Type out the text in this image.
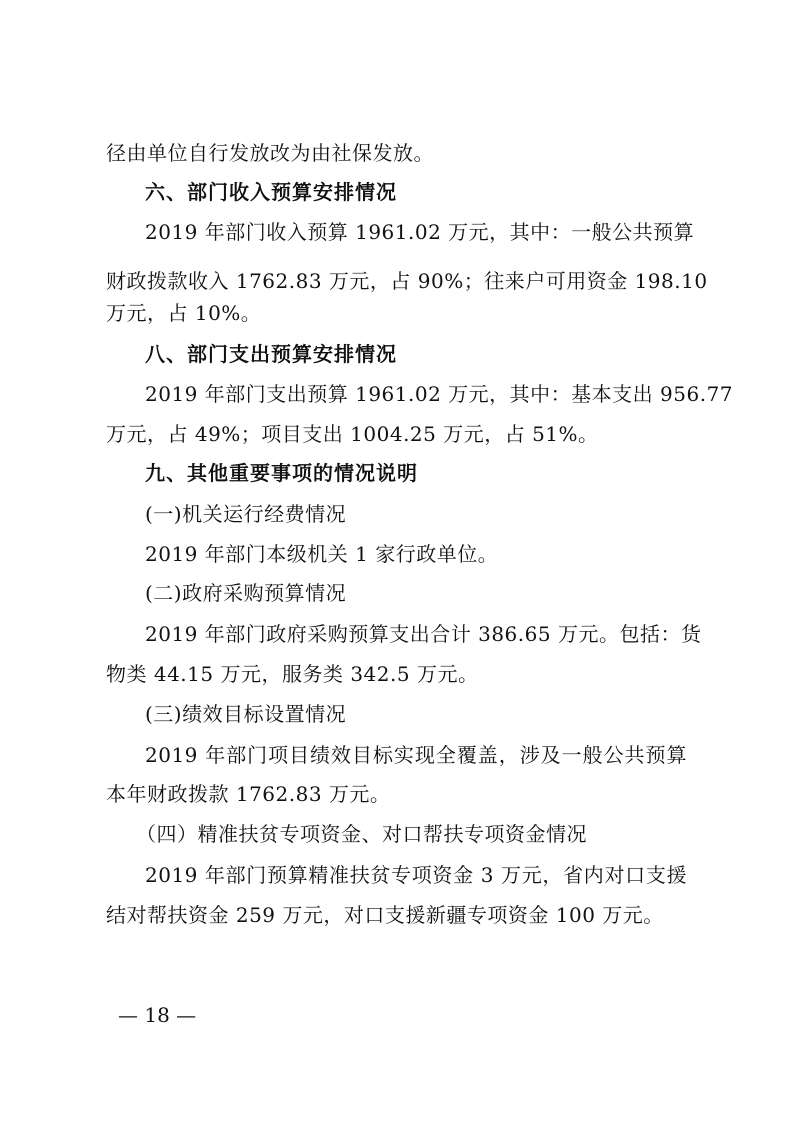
径由单位自行发放改为由社保发放。
六、部门收入预算安排情况
2019 年部门收入预算 1961.02 万元，其中：一般公共预算
财政拨款收入 1762.83 万元，占 90%；往来户可用资金 198.10
万元，占 10%。
八、部门支出预算安排情况
2019 年部门支出预算 1961.02 万元，其中：基本支出 956.77
万元，占 49%；项目支出 1004.25 万元，占 51%。
九、其他重要事项的情况说明
(一)机关运行经费情况
2019 年部门本级机关 1 家行政单位。
(二)政府采购预算情况
2019 年部门政府采购预算支出合计 386.65 万元。包括：货
物类 44.15 万元，服务类 342.5 万元。
(三)绩效目标设置情况
2019 年部门项目绩效目标实现全覆盖，涉及一般公共预算
本年财政拨款 1762.83 万元。
（四）精准扶贫专项资金、对口帮扶专项资金情况
2019 年部门预算精准扶贫专项资金 3 万元，省内对口支援
结对帮扶资金 259 万元，对口支援新疆专项资金 100 万元。
— 18 —
